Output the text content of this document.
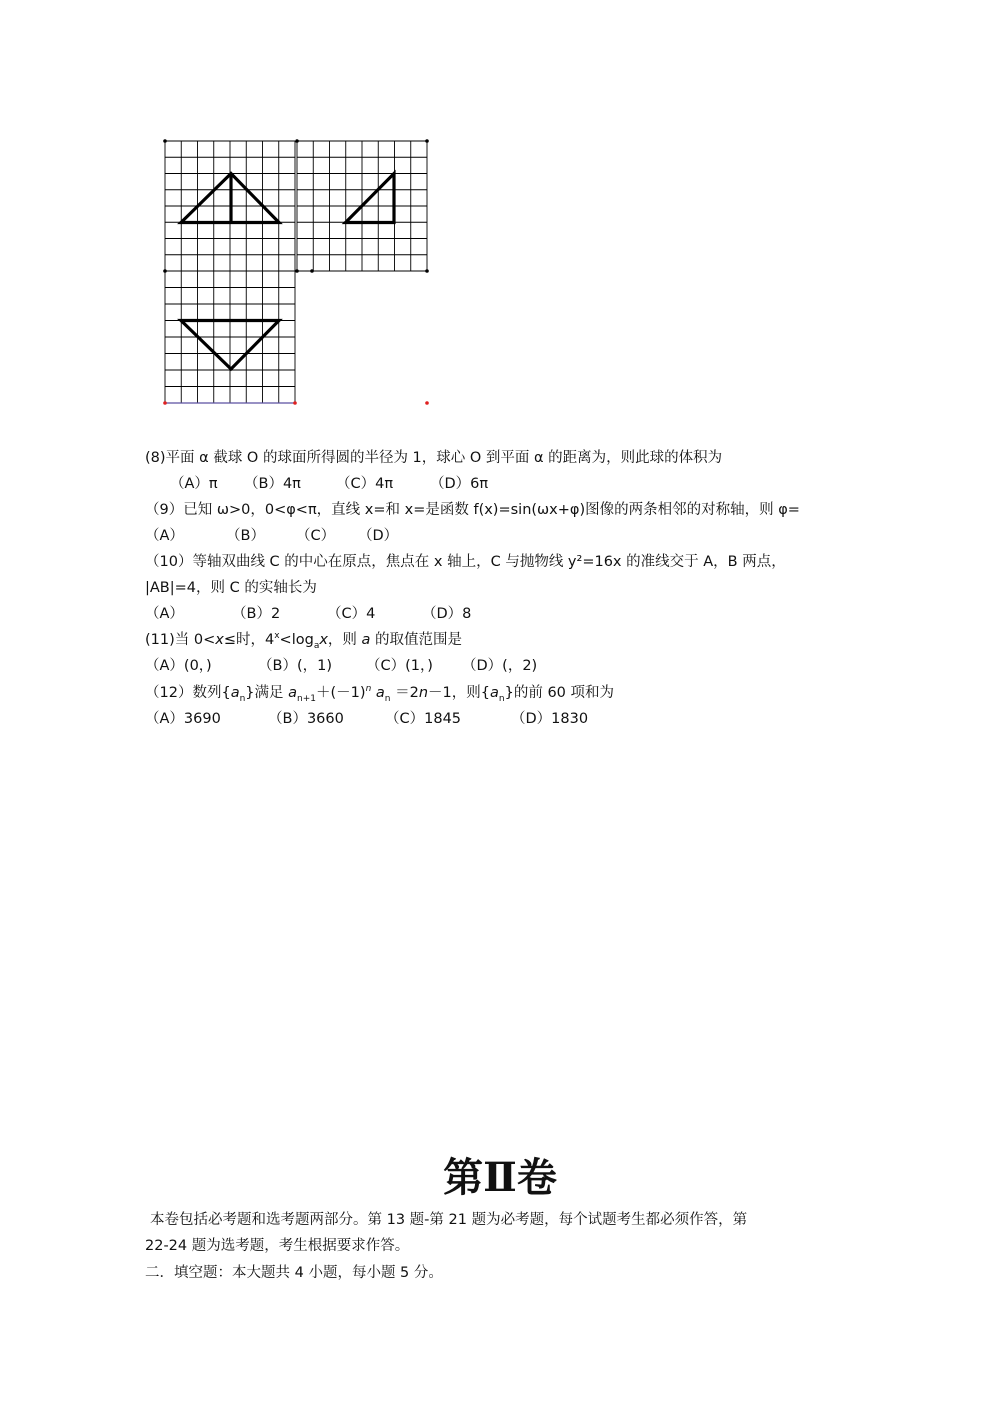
(8)平面 α 截球 O 的球面所得圆的半径为 1，球心 O 到平面 α 的距离为，则此球的体积为
（A）π （B）4π （C）4π	（D）6π
（9）已知 ω>0，0<φ<π，直线 x=和 x=是函数 f(x)=sin(ωx+φ)图像的两条相邻的对称轴，则 φ=
（A）	（B） （C） （D）
（10）等轴双曲线 C 的中心在原点，焦点在 x 轴上，C 与抛物线 y²=16x 的准线交于 A，B 两点，
|AB|=4，则 C 的实轴长为
（A）	（B）2	（C）4	（D）8
(11)当 0<x≤时，$4^x<\log_ax$，则 a 的取值范围是
（A）(0，)	（B）(，1) （C）(1，) （D）(，2)
（12）数列$\{a_n\}$满足 $a_{n+1}+(-1)^n$ $a_n =2n-1$，则$\{a_n\}$的前 60 项和为
（A）3690	（B）3660	（C）1845	（D）1830
第Ⅱ卷
本卷包括必考题和选考题两部分。第 13 题-第 21 题为必考题，每个试题考生都必须作答，第
22-24 题为选考题，考生根据要求作答。
二．填空题：本大题共 4 小题，每小题 5 分。
